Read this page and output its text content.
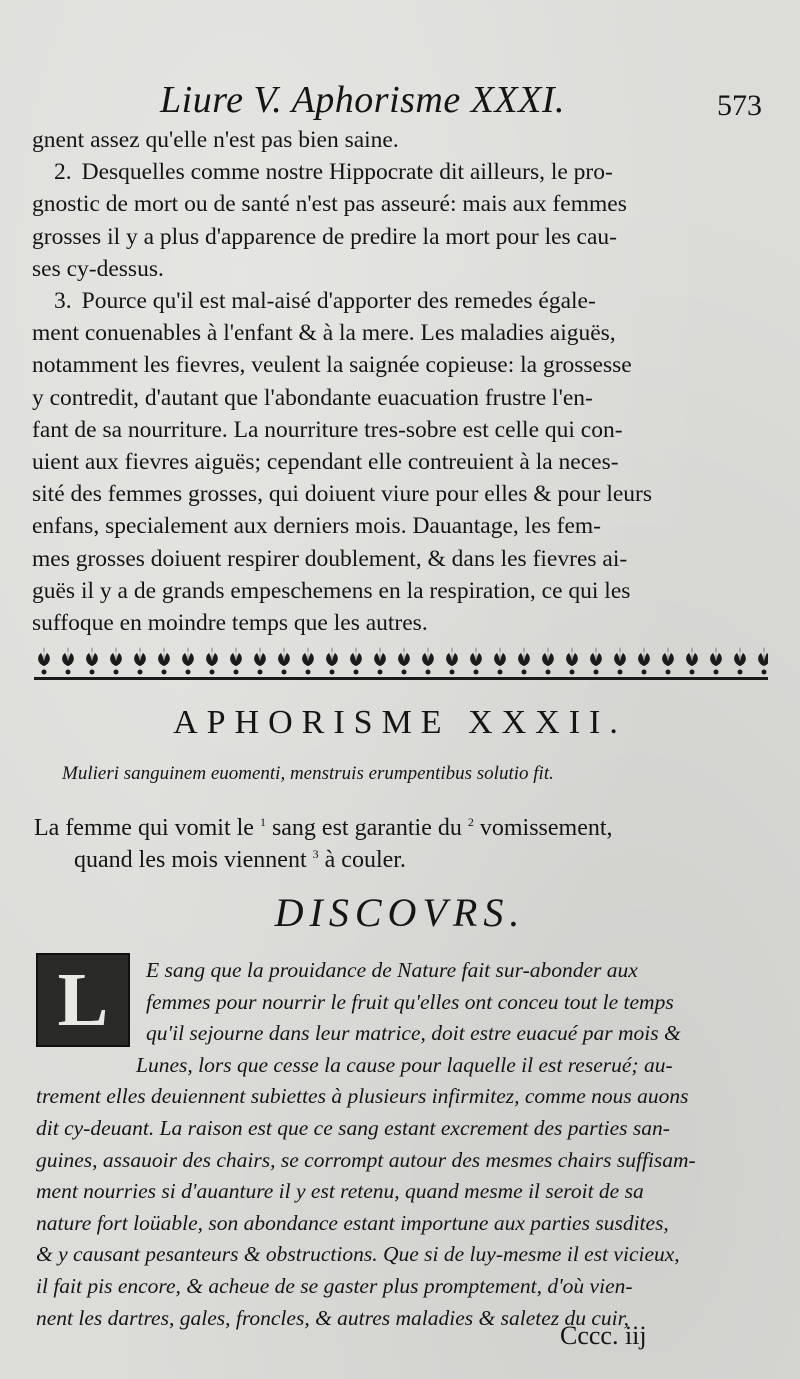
Liure V. Aphorisme XXXI.	573
gnent assez qu'elle n'est pas bien saine.
2. Desquelles comme nostre Hippocrate dit ailleurs, le pro-
gnostic de mort ou de santé n'est pas asseuré: mais aux femmes
grosses il y a plus d'apparence de predire la mort pour les cau-
ses cy-dessus.
3. Pource qu'il est mal-aisé d'apporter des remedes égale-
ment conuenables à l'enfant & à la mere. Les maladies aiguës,
notamment les fievres, veulent la saignée copieuse: la grossesse
y contredit, d'autant que l'abondante euacuation frustre l'en-
fant de sa nourriture. La nourriture tres-sobre est celle qui con-
uient aux fievres aiguës; cependant elle contreuient à la neces-
sité des femmes grosses, qui doiuent viure pour elles & pour leurs
enfans, specialement aux derniers mois. Dauantage, les fem-
mes grosses doiuent respirer doublement, & dans les fievres ai-
guës il y a de grands empeschemens en la respiration, ce qui les
suffoque en moindre temps que les autres.
APHORISME XXXII.
Mulieri sanguinem euomenti, menstruis erumpentibus solutio fit.
La femme qui vomit le $^1$ sang est garantie du $^2$ vomissement,
quand les mois viennent $^3$ à couler.
DISCOVRS.
E sang que la prouidance de Nature fait sur-abonder aux
femmes pour nourrir le fruit qu'elles ont conceu tout le temps
qu'il sejourne dans leur matrice, doit estre euacué par mois &
Lunes, lors que cesse la cause pour laquelle il est reserué; au-
trement elles deuiennent subiettes à plusieurs infirmitez, comme nous auons
dit cy-deuant. La raison est que ce sang estant excrement des parties san-
guines, assauoir des chairs, se corrompt autour des mesmes chairs suffisam-
ment nourries si d'auanture il y est retenu, quand mesme il seroit de sa
nature fort loüable, son abondance estant importune aux parties susdites,
& y causant pesanteurs & obstructions. Que si de luy-mesme il est vicieux,
il fait pis encore, & acheue de se gaster plus promptement, d'où vien-
nent les dartres, gales, froncles, & autres maladies & saletez du cuir,
L
Cccc. iij
